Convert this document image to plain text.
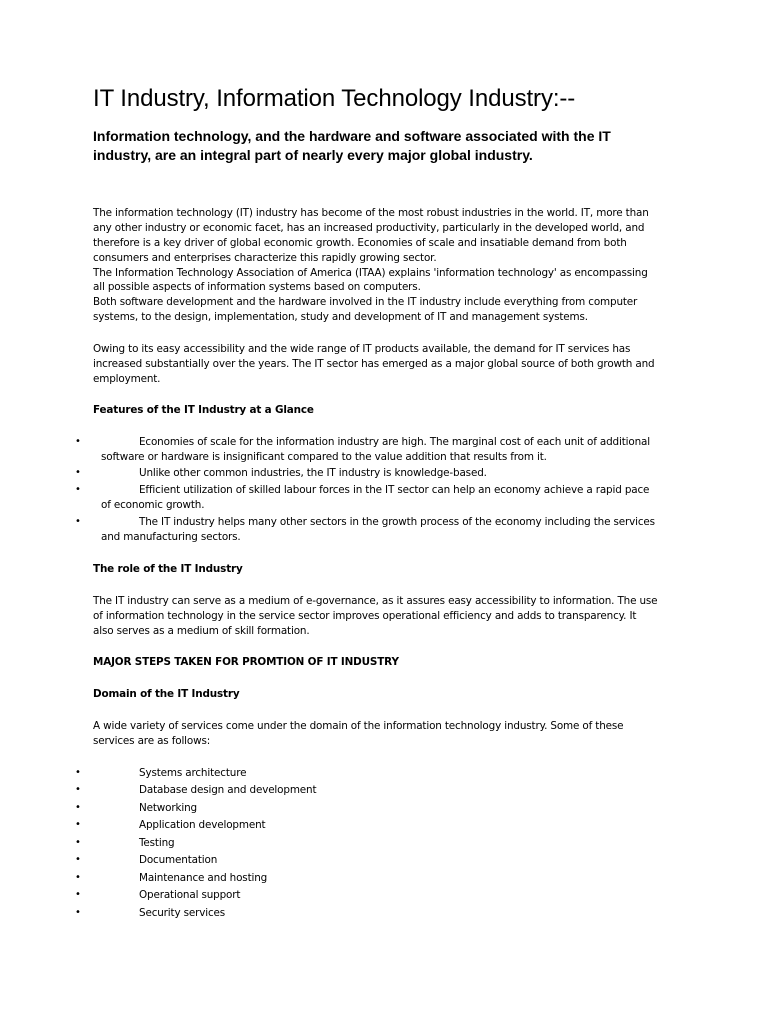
IT Industry, Information Technology Industry:--

Information technology, and the hardware and software associated with the IT industry, are an integral part of nearly every major global industry.

The information technology (IT) industry has become of the most robust industries in the world. IT, more than
any other industry or economic facet, has an increased productivity, particularly in the developed world, and
therefore is a key driver of global economic growth. Economies of scale and insatiable demand from both
consumers and enterprises characterize this rapidly growing sector.
The Information Technology Association of America (ITAA) explains 'information technology' as encompassing
all possible aspects of information systems based on computers.
Both software development and the hardware involved in the IT industry include everything from computer
systems, to the design, implementation, study and development of IT and management systems.
Owing to its easy accessibility and the wide range of IT products available, the demand for IT services has
increased substantially over the years. The IT sector has emerged as a major global source of both growth and
employment.
Features of the IT Industry at a Glance
•	Economies of scale for the information industry are high. The marginal cost of each unit of additional
software or hardware is insignificant compared to the value addition that results from it.
•	Unlike other common industries, the IT industry is knowledge-based.
•	Efficient utilization of skilled labour forces in the IT sector can help an economy achieve a rapid pace
of economic growth.
•	The IT industry helps many other sectors in the growth process of the economy including the services
and manufacturing sectors.
The role of the IT Industry
The IT industry can serve as a medium of e-governance, as it assures easy accessibility to information. The use
of information technology in the service sector improves operational efficiency and adds to transparency. It
also serves as a medium of skill formation.
MAJOR STEPS TAKEN FOR PROMTION OF IT INDUSTRY
Domain of the IT Industry
A wide variety of services come under the domain of the information technology industry. Some of these
services are as follows:
•	Systems architecture
•	Database design and development
•	Networking
•	Application development
•	Testing
•	Documentation
•	Maintenance and hosting
•	Operational support
•	Security services
